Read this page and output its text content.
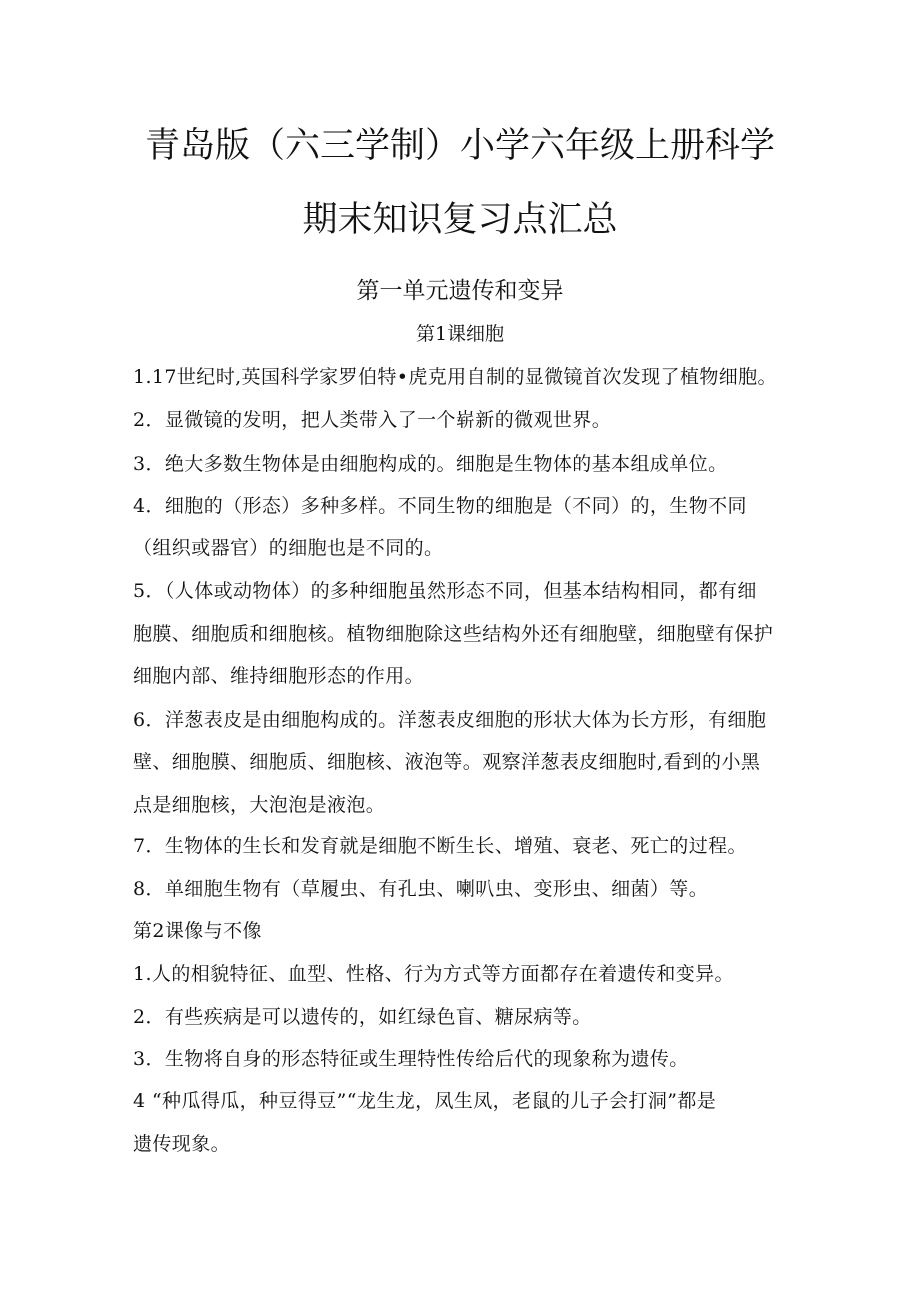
青岛版（六三学制）小学六年级上册科学
期末知识复习点汇总
第一单元遗传和变异
第1课细胞
1.17世纪时,英国科学家罗伯特•虎克用自制的显微镜首次发现了植物细胞。
2．显微镜的发明，把人类带入了一个崭新的微观世界。
3．绝大多数生物体是由细胞构成的。细胞是生物体的基本组成单位。
4．细胞的（形态）多种多样。不同生物的细胞是（不同）的，生物不同
（组织或器官）的细胞也是不同的。
5．（人体或动物体）的多种细胞虽然形态不同，但基本结构相同，都有细
胞膜、细胞质和细胞核。植物细胞除这些结构外还有细胞壁，细胞壁有保护
细胞内部、维持细胞形态的作用。
6．洋葱表皮是由细胞构成的。洋葱表皮细胞的形状大体为长方形，有细胞
壁、细胞膜、细胞质、细胞核、液泡等。观察洋葱表皮细胞时,看到的小黑
点是细胞核，大泡泡是液泡。
7．生物体的生长和发育就是细胞不断生长、增殖、衰老、死亡的过程。
8．单细胞生物有（草履虫、有孔虫、喇叭虫、变形虫、细菌）等。
第2课像与不像
1.人的相貌特征、血型、性格、行为方式等方面都存在着遗传和变异。
2．有些疾病是可以遗传的，如红绿色盲、糖尿病等。
3．生物将自身的形态特征或生理特性传给后代的现象称为遗传。
4 “种瓜得瓜，种豆得豆”“龙生龙，凤生凤，老鼠的儿子会打洞”都是
遗传现象。
